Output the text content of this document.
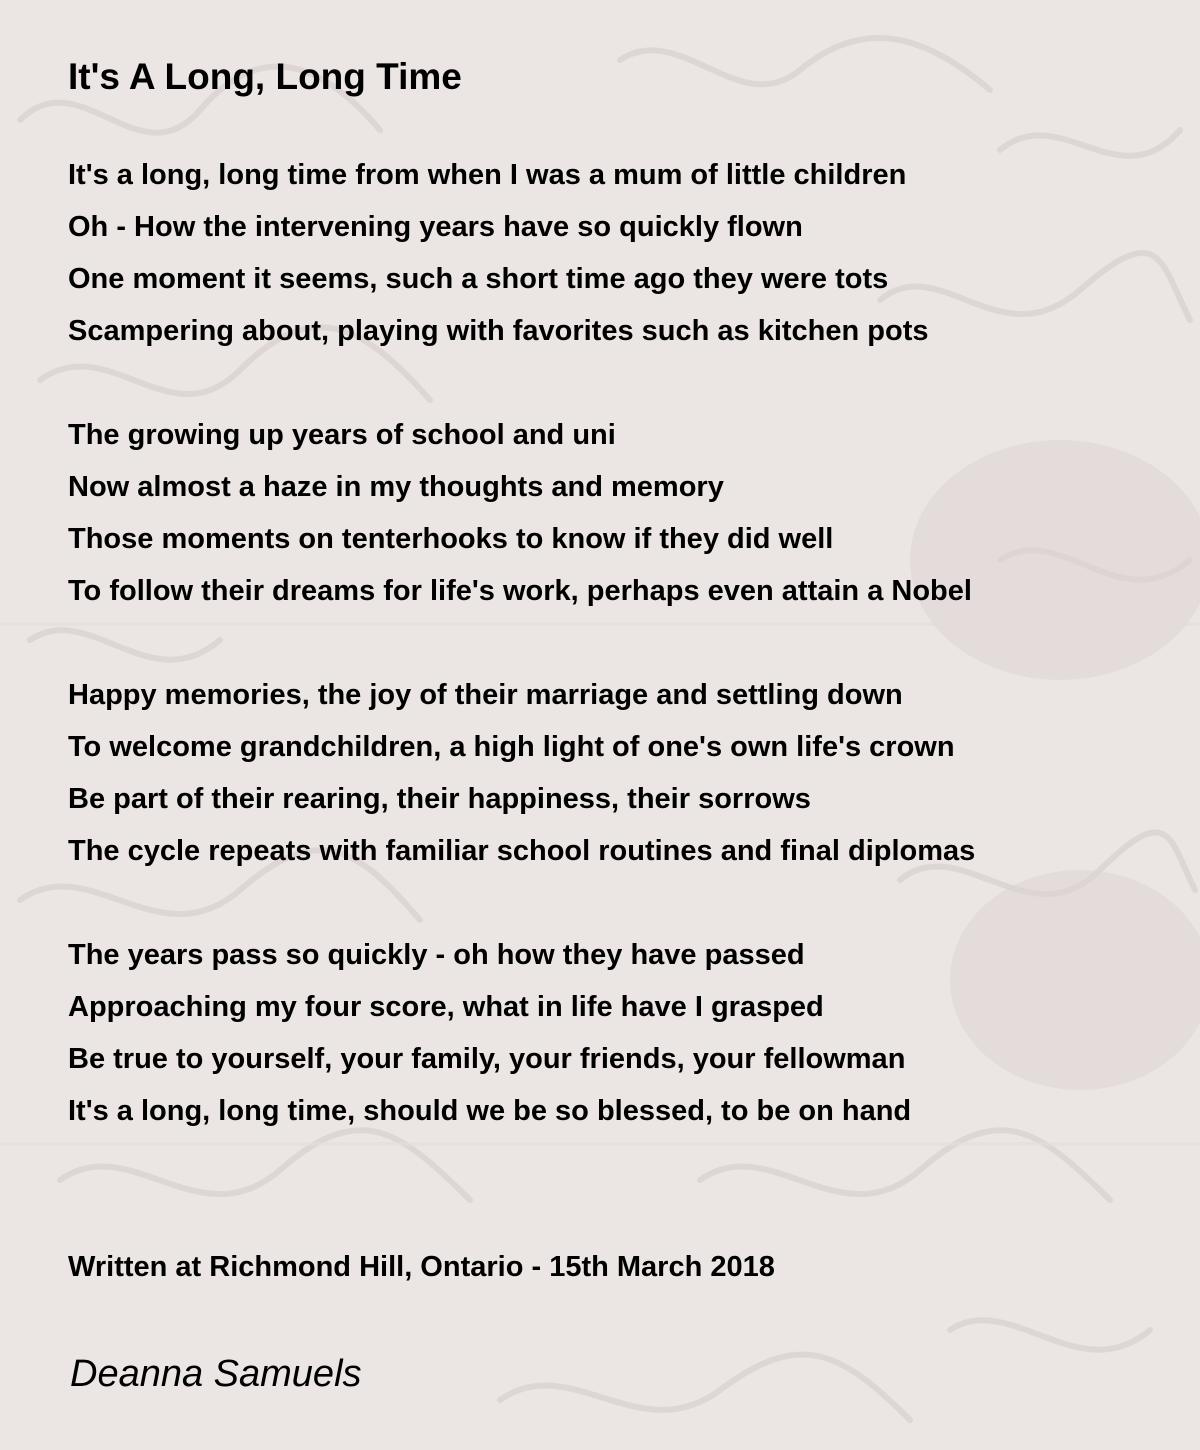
It's A Long, Long Time
It's a long, long time from when I was a mum of little children
Oh - How the intervening years have so quickly flown
One moment it seems, such a short time ago they were tots
Scampering about, playing with favorites such as kitchen pots
The growing up years of school and uni
Now almost a haze in my thoughts and memory
Those moments on tenterhooks to know if they did well
To follow their dreams for life's work, perhaps even attain a Nobel
Happy memories, the joy of their marriage and settling down
To welcome grandchildren, a high light of one's own life's crown
Be part of their rearing, their happiness, their sorrows
The cycle repeats with familiar school routines and final diplomas
The years pass so quickly - oh how they have passed
Approaching my four score, what in life have I grasped
Be true to yourself, your family, your friends, your fellowman
It's a long, long time, should we be so blessed, to be on hand
Written at Richmond Hill, Ontario - 15th March 2018
Deanna Samuels
